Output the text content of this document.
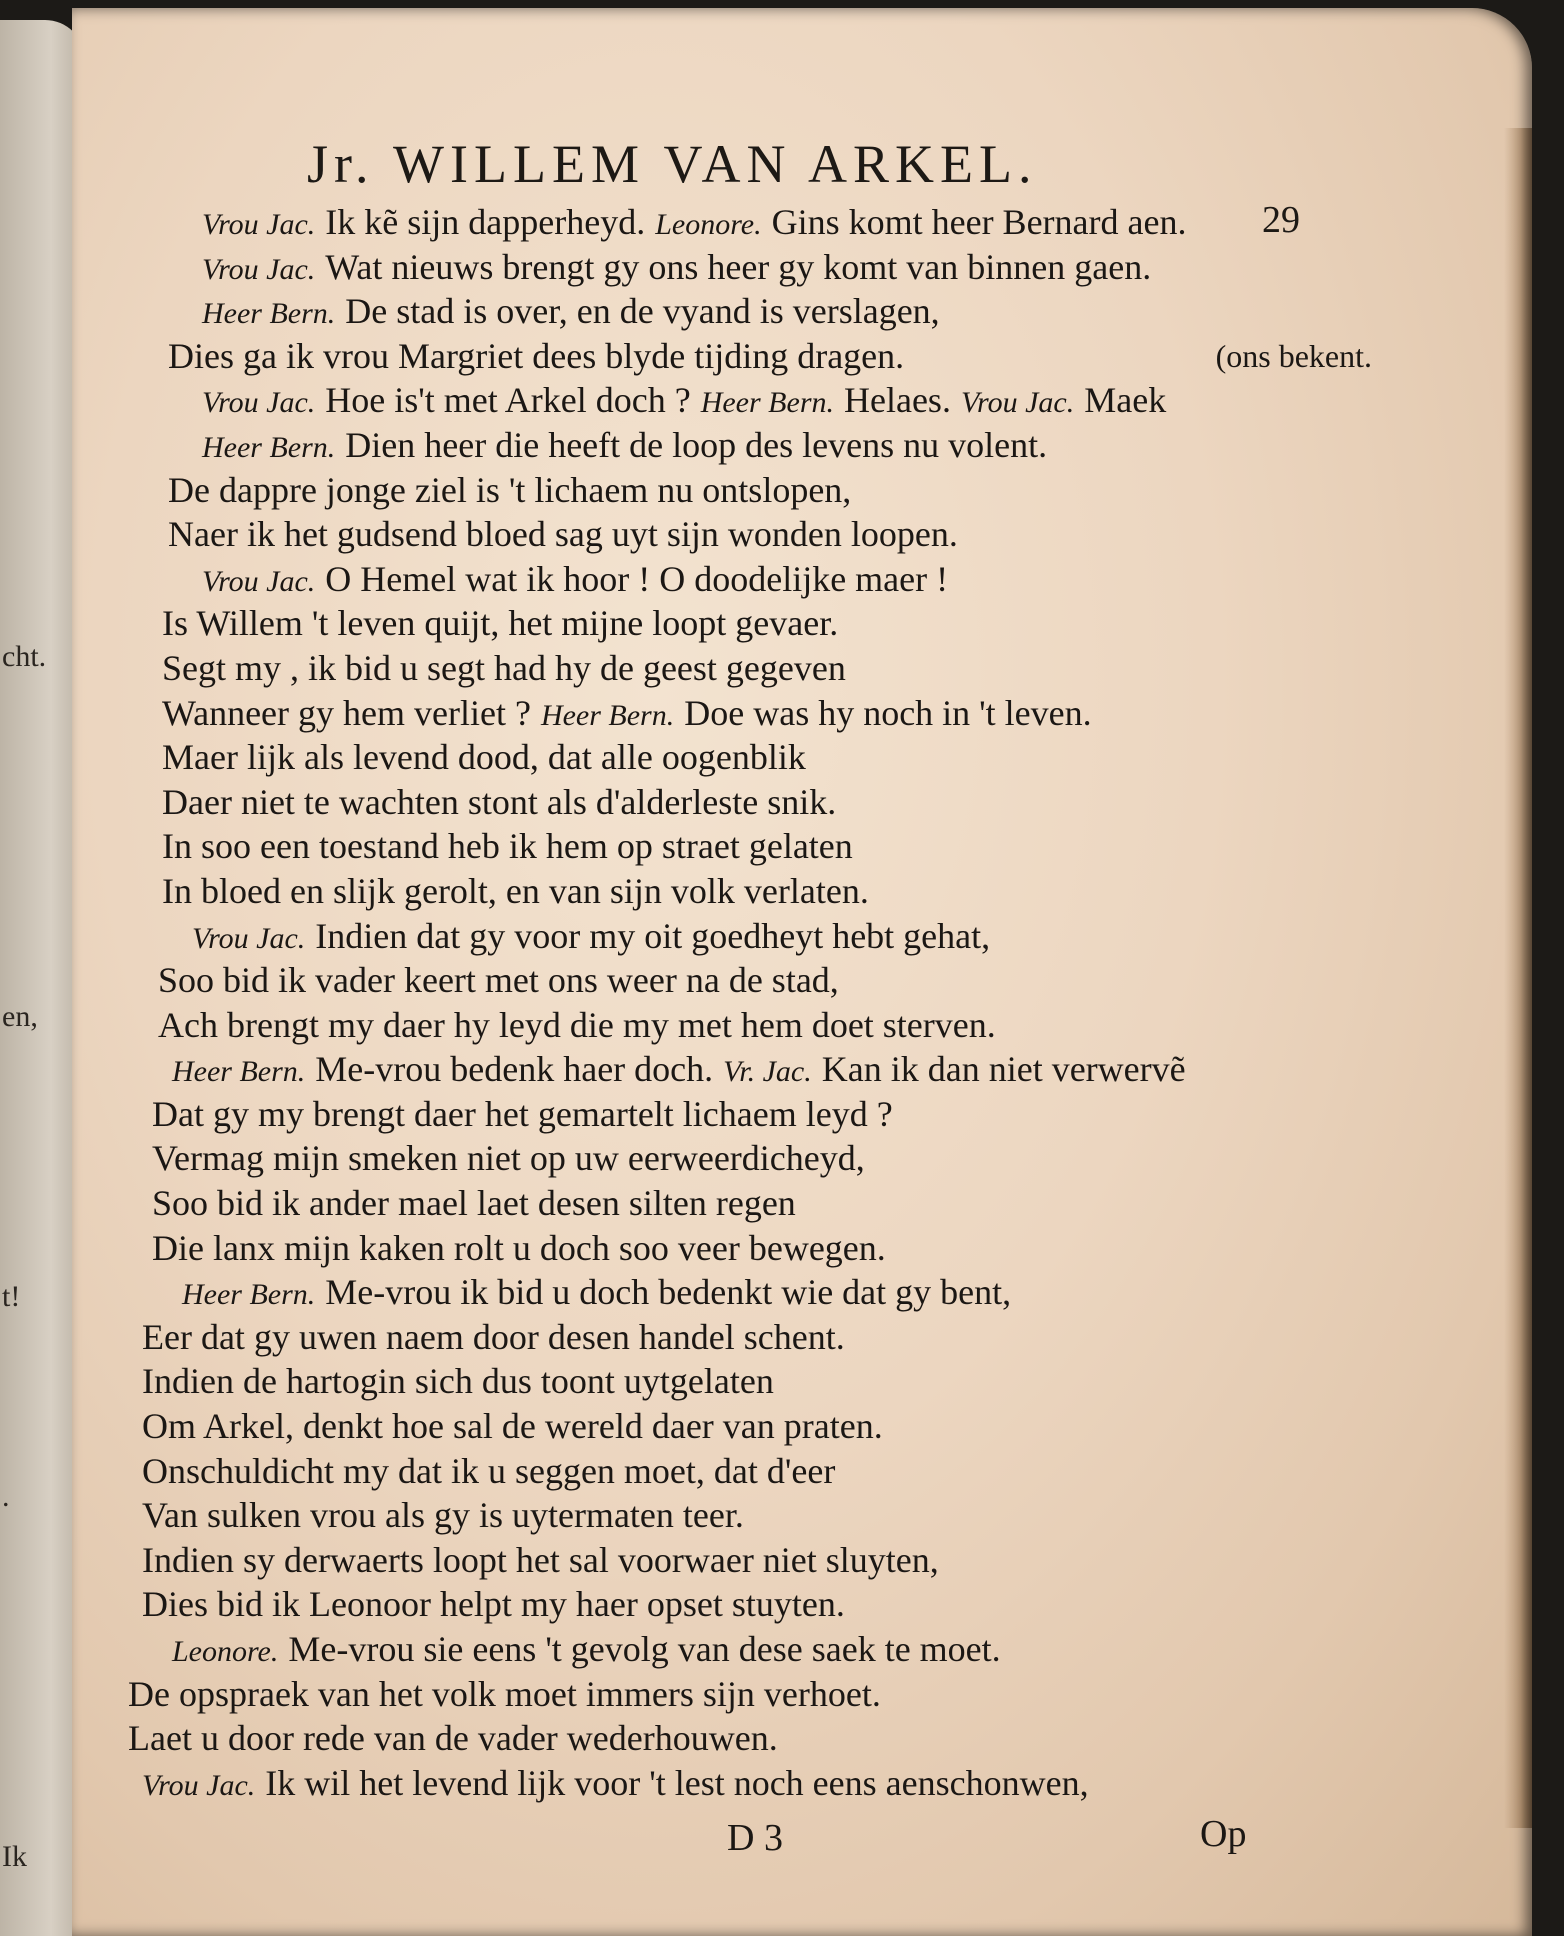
cht.
en,
t!
.
Ik
Jr. WILLEM VAN ARKEL.
29
Vrou Jac. Ik kẽ sijn dapperheyd. Leonore. Gins komt heer Bernard aen.
Vrou Jac. Wat nieuws brengt gy ons heer gy komt van binnen gaen.
Heer Bern. De stad is over, en de vyand is verslagen,
Dies ga ik vrou Margriet dees blyde tijding dragen.	(ons bekent.
Vrou Jac. Hoe is't met Arkel doch ? Heer Bern. Helaes. Vrou Jac. Maek
Heer Bern. Dien heer die heeft de loop des levens nu volent.
De dappre jonge ziel is 't lichaem nu ontslopen,
Naer ik het gudsend bloed sag uyt sijn wonden loopen.
Vrou Jac. O Hemel wat ik hoor ! O doodelijke maer !
Is Willem 't leven quijt, het mijne loopt gevaer.
Segt my , ik bid u segt had hy de geest gegeven
Wanneer gy hem verliet ? Heer Bern. Doe was hy noch in 't leven.
Maer lijk als levend dood, dat alle oogenblik
Daer niet te wachten stont als d'alderleste snik.
In soo een toestand heb ik hem op straet gelaten
In bloed en slijk gerolt, en van sijn volk verlaten.
Vrou Jac. Indien dat gy voor my oit goedheyt hebt gehat,
Soo bid ik vader keert met ons weer na de stad,
Ach brengt my daer hy leyd die my met hem doet sterven.
Heer Bern. Me-vrou bedenk haer doch. Vr. Jac. Kan ik dan niet verwervẽ
Dat gy my brengt daer het gemartelt lichaem leyd ?
Vermag mijn smeken niet op uw eerweerdicheyd,
Soo bid ik ander mael laet desen silten regen
Die lanx mijn kaken rolt u doch soo veer bewegen.
Heer Bern. Me-vrou ik bid u doch bedenkt wie dat gy bent,
Eer dat gy uwen naem door desen handel schent.
Indien de hartogin sich dus toont uytgelaten
Om Arkel, denkt hoe sal de wereld daer van praten.
Onschuldicht my dat ik u seggen moet, dat d'eer
Van sulken vrou als gy is uytermaten teer.
Indien sy derwaerts loopt het sal voorwaer niet sluyten,
Dies bid ik Leonoor helpt my haer opset stuyten.
Leonore. Me-vrou sie eens 't gevolg van dese saek te moet.
De opspraek van het volk moet immers sijn verhoet.
Laet u door rede van de vader wederhouwen.
Vrou Jac. Ik wil het levend lijk voor 't lest noch eens aenschonwen,
D 3	Op
